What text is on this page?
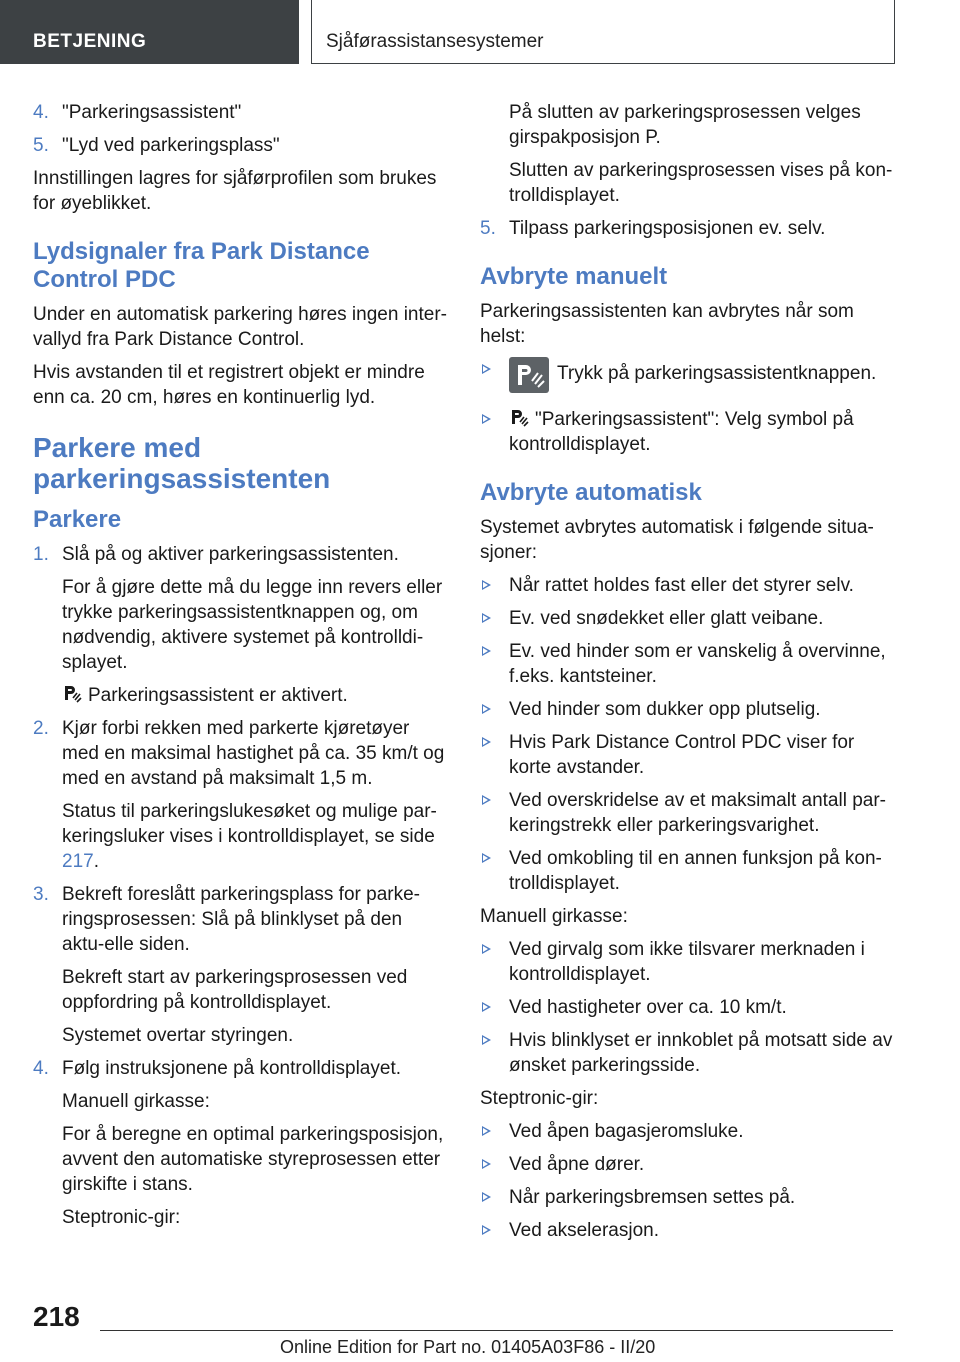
BETJENING	Sjåførassistansesystemer
4. "Parkeringsassistent"
5. "Lyd ved parkeringsplass"

Innstillingen lagres for sjåførprofilen som brukes for øyeblikket.

Lydsignaler fra Park Distance Control PDC

Under en automatisk parkering høres ingen inter-vallyd fra Park Distance Control.

Hvis avstanden til et registrert objekt er mindre enn ca. 20 cm, høres en kontinuerlig lyd.

Parkere med parkeringsassistenten
Parkere
1. Slå på og aktiver parkeringsassistenten.

For å gjøre dette må du legge inn revers eller trykke parkeringsassistentknappen og, om nødvendig, aktivere systemet på kontrolldi-splayet.

Parkeringsassistent er aktivert.

2. Kjør forbi rekken med parkerte kjøretøyer med en maksimal hastighet på ca. 35 km/t og med en avstand på maksimalt 1,5 m.

Status til parkeringslukesøket og mulige par-keringsluker vises i kontrolldisplayet, se side 217.

3. Bekreft foreslått parkeringsplass for parke-ringsprosessen: Slå på blinklyset på den aktu-elle siden.

Bekreft start av parkeringsprosessen ved oppfordring på kontrolldisplayet.

Systemet overtar styringen.

4. Følg instruksjonene på kontrolldisplayet.

Manuell girkasse:

For å beregne en optimal parkeringsposisjon, avvent den automatiske styreprosessen etter girskifte i stans.

Steptronic-gir:

På slutten av parkeringsprosessen velges girspakposisjon P.

Slutten av parkeringsprosessen vises på kon-trolldisplayet.

5. Tilpass parkeringsposisjonen ev. selv.
Avbryte manuelt

Parkeringsassistenten kan avbrytes når som helst:

Trykk på parkeringsassistentknappen.
"Parkeringsassistent": Velg symbol på kontrolldisplayet.
Avbryte automatisk

Systemet avbrytes automatisk i følgende situa-sjoner:

Når rattet holdes fast eller det styrer selv.
Ev. ved snødekket eller glatt veibane.
Ev. ved hinder som er vanskelig å overvinne, f.eks. kantsteiner.
Ved hinder som dukker opp plutselig.
Hvis Park Distance Control PDC viser for korte avstander.
Ved overskridelse av et maksimalt antall par-keringstrekk eller parkeringsvarighet.
Ved omkobling til en annen funksjon på kon-trolldisplayet.

Manuell girkasse:

Ved girvalg som ikke tilsvarer merknaden i kontrolldisplayet.
Ved hastigheter over ca. 10 km/t.
Hvis blinklyset er innkoblet på motsatt side av ønsket parkeringsside.

Steptronic-gir:

Ved åpen bagasjeromsluke.
Ved åpne dører.
Når parkeringsbremsen settes på.
Ved akselerasjon.
218
Online Edition for Part no. 01405A03F86 - II/20
